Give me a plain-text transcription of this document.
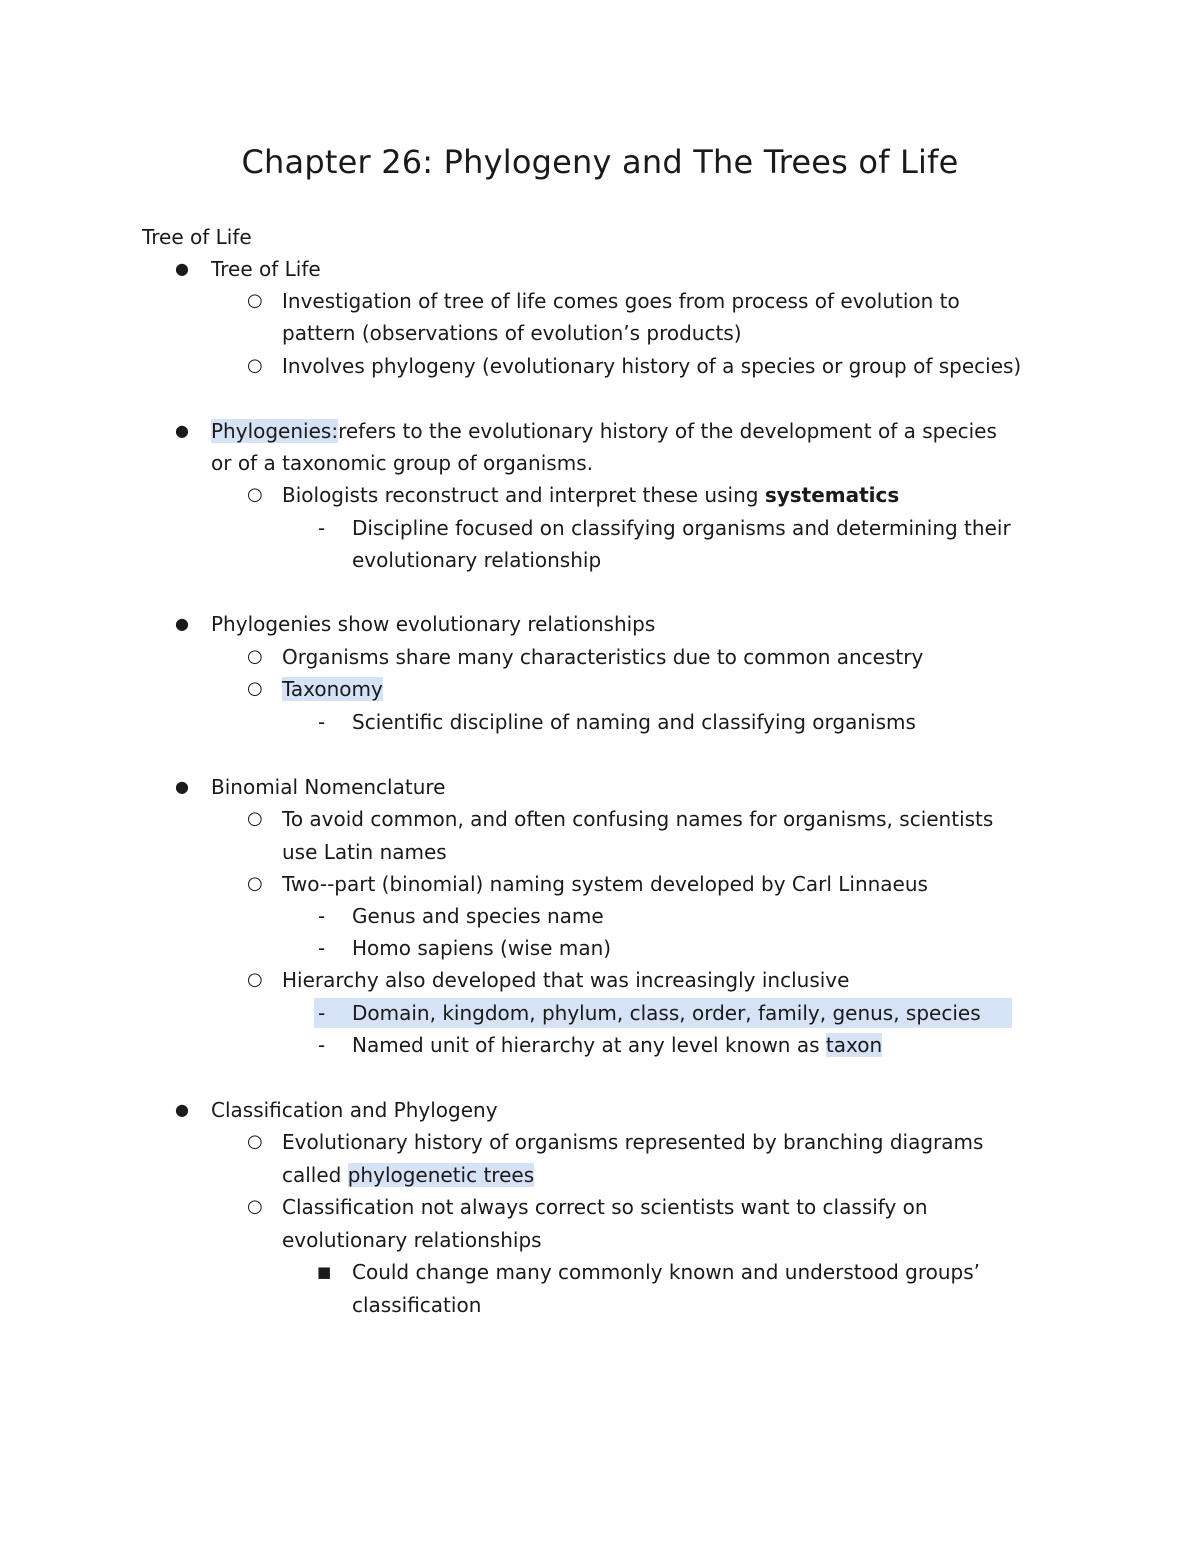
Chapter 26: Phylogeny and The Trees of Life
Tree of Life
● Tree of Life
○ Investigation of tree of life comes goes from process of evolution to
pattern (observations of evolution’s products)
○ Involves phylogeny (evolutionary history of a species or group of species)
● Phylogenies:refers to the evolutionary history of the development of a species
or of a taxonomic group of organisms.
○ Biologists reconstruct and interpret these using systematics
- Discipline focused on classifying organisms and determining their
evolutionary relationship
● Phylogenies show evolutionary relationships
○ Organisms share many characteristics due to common ancestry
○ Taxonomy
- Scientific discipline of naming and classifying organisms
● Binomial Nomenclature
○ To avoid common, and often confusing names for organisms, scientists
use Latin names
○ Two--part (binomial) naming system developed by Carl Linnaeus
- Genus and species name
- Homo sapiens (wise man)
○ Hierarchy also developed that was increasingly inclusive
- Domain, kingdom, phylum, class, order, family, genus, species
- Named unit of hierarchy at any level known as taxon
● Classification and Phylogeny
○ Evolutionary history of organisms represented by branching diagrams
called phylogenetic trees
○ Classification not always correct so scientists want to classify on
evolutionary relationships
■ Could change many commonly known and understood groups’
classification
